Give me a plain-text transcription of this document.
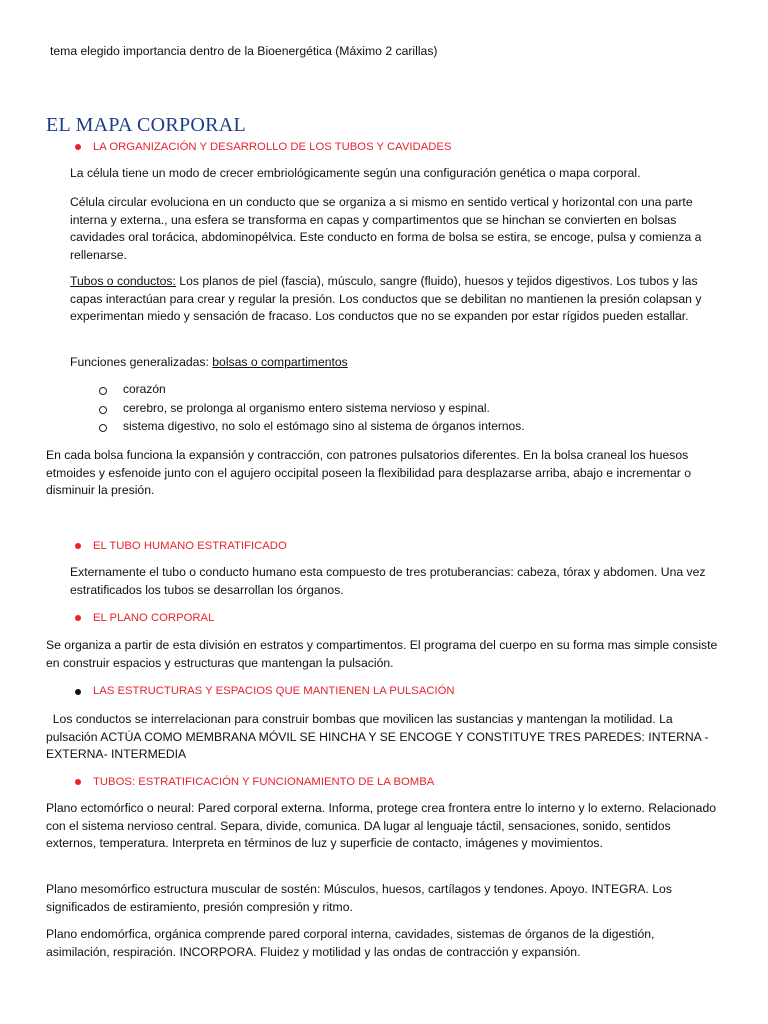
tema elegido importancia dentro de la Bioenergética (Máximo 2 carillas)

EL MAPA CORPORAL

LA ORGANIZACIÓN Y DESARROLLO DE LOS TUBOS Y CAVIDADES

La célula tiene un modo de crecer embriológicamente según una configuración genética o mapa corporal.

Célula circular evoluciona en un conducto que se organiza a si mismo en sentido vertical y horizontal con una parte interna y externa., una esfera se transforma en capas y compartimentos que se hinchan se convierten en bolsas cavidades oral torácica, abdominopélvica. Este conducto en forma de bolsa se estira, se encoge, pulsa y comienza a rellenarse.

Tubos o conductos: Los planos de piel (fascia), músculo, sangre (fluido), huesos y tejidos digestivos. Los tubos y las capas interactúan para crear y regular la presión. Los conductos que se debilitan no mantienen la presión colapsan y experimentan miedo y sensación de fracaso. Los conductos que no se expanden por estar rígidos pueden estallar.

Funciones generalizadas: bolsas o compartimentos

corazón
cerebro, se prolonga al organismo entero sistema nervioso y espinal.
sistema digestivo, no solo el estómago sino al sistema de órganos internos.

En cada bolsa funciona la expansión y contracción, con patrones pulsatorios diferentes. En la bolsa craneal los huesos etmoides y esfenoide junto con el agujero occipital poseen la flexibilidad para desplazarse arriba, abajo e incrementar o disminuir la presión.

EL TUBO HUMANO ESTRATIFICADO

Externamente el tubo o conducto humano esta compuesto de tres protuberancias: cabeza, tórax y abdomen. Una vez estratificados los tubos se desarrollan los órganos.

EL PLANO CORPORAL

Se organiza a partir de esta división en estratos y compartimentos. El programa del cuerpo en su forma mas simple consiste en construir espacios y estructuras que mantengan la pulsación.

LAS ESTRUCTURAS Y ESPACIOS QUE MANTIENEN LA PULSACIÓN

Los conductos se interrelacionan para construir bombas que movilicen las sustancias y mantengan la motilidad. La pulsación ACTÚA COMO MEMBRANA MÓVIL SE HINCHA Y SE ENCOGE Y CONSTITUYE TRES PAREDES: INTERNA - EXTERNA- INTERMEDIA

TUBOS: ESTRATIFICACIÓN Y FUNCIONAMIENTO DE LA BOMBA

Plano ectomórfico o neural: Pared corporal externa. Informa, protege crea frontera entre lo interno y lo externo. Relacionado con el sistema nervioso central. Separa, divide, comunica. DA lugar al lenguaje táctil, sensaciones, sonido, sentidos externos, temperatura. Interpreta en términos de luz y superficie de contacto, imágenes y movimientos.

Plano mesomórfico estructura muscular de sostén: Músculos, huesos, cartílagos y tendones. Apoyo. INTEGRA. Los significados de estiramiento, presión compresión y ritmo.

Plano endomórfica, orgánica comprende pared corporal interna, cavidades, sistemas de órganos de la digestión, asimilación, respiración. INCORPORA. Fluidez y motilidad y las ondas de contracción y expansión.
